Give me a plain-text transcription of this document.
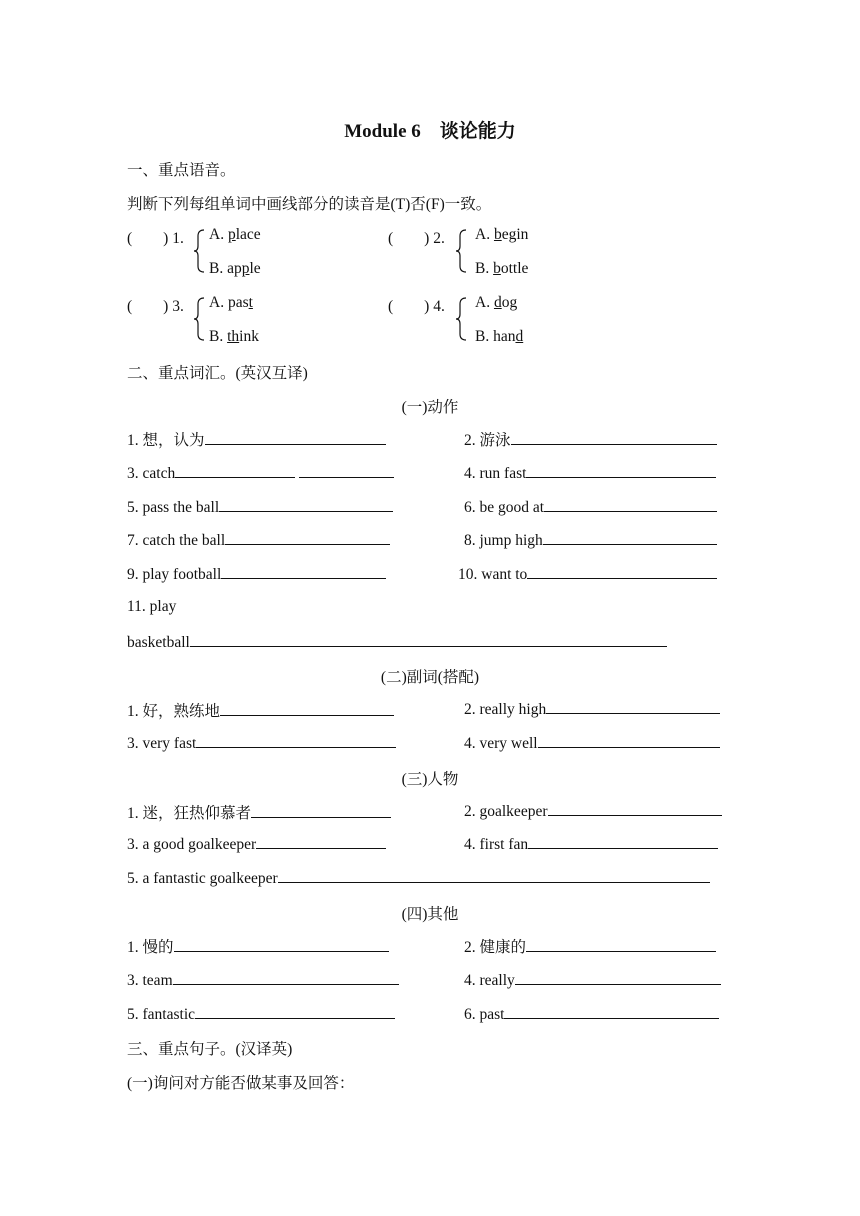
Module 6　谈论能力
一、重点语音。
判断下列每组单词中画线部分的读音是(T)否(F)一致。
(　　) 1. A. place
B. apple
(　　) 2. A. begin
B. bottle
(　　) 3. A. past
B. think
(　　) 4. A. dog
B. hand
二、重点词汇。(英汉互译)
(一)动作
1. 想，认为	2. 游泳
3. catch	4. run fast
5. pass the ball	6. be good at
7. catch the ball	8. jump high
9. play football	10. want to
11. play
basketball
(二)副词(搭配)
1. 好，熟练地	2. really high
3. very fast	4. very well
(三)人物
1. 迷，狂热仰慕者	2. goalkeeper
3. a good goalkeeper	4. first fan
5. a fantastic goalkeeper
(四)其他
1. 慢的	2. 健康的
3. team	4. really
5. fantastic	6. past
三、重点句子。(汉译英)
(一)询问对方能否做某事及回答：
